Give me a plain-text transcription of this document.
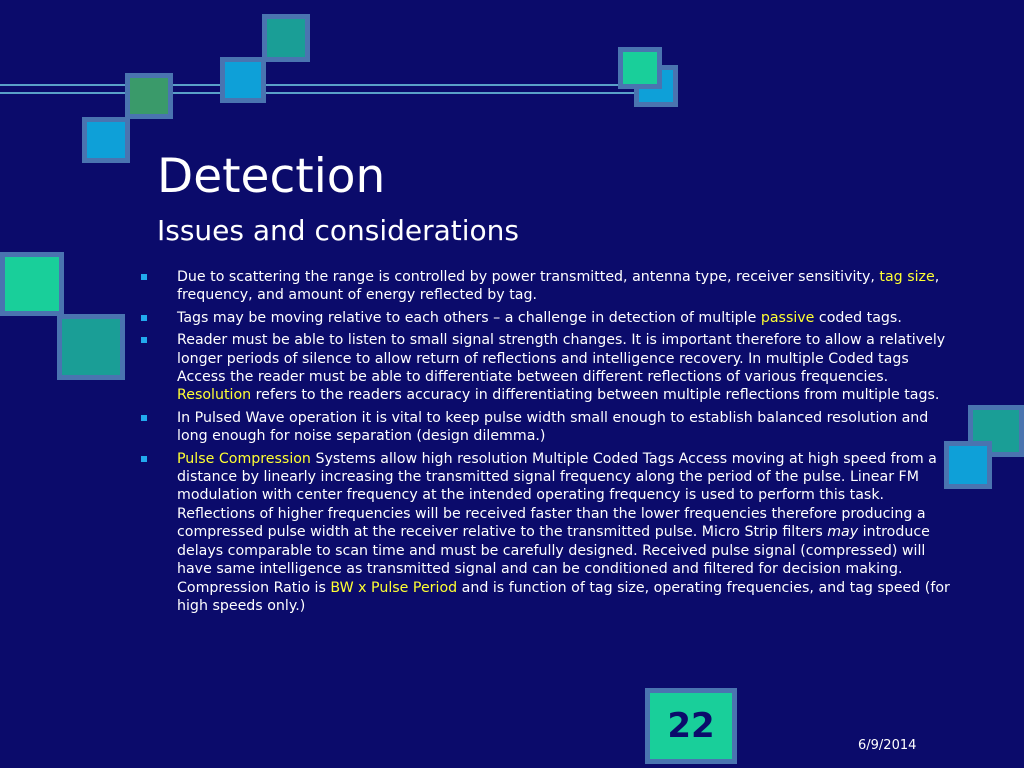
Detection
Issues and considerations
Due to scattering the range is controlled by power transmitted, antenna type, receiver sensitivity, tag size, frequency, and amount of energy reflected by tag.
Tags may be moving relative to each others – a challenge in detection of multiple passive coded tags.
Reader must be able to listen to small signal strength changes. It is important therefore to allow a relatively longer periods of silence to allow return of reflections and intelligence recovery. In multiple Coded tags Access the reader must be able to differentiate between different reflections of various frequencies. Resolution refers to the readers accuracy in differentiating between multiple reflections from multiple tags.
In Pulsed Wave operation it is vital to keep pulse width small enough to establish balanced resolution and long enough for noise separation (design dilemma.)
Pulse Compression Systems allow high resolution Multiple Coded Tags Access moving at high speed from a distance by linearly increasing the transmitted signal frequency along the period of the pulse. Linear FM modulation with center frequency at the intended operating frequency is used to perform this task. Reflections of higher frequencies will be received faster than the lower frequencies therefore producing a compressed pulse width at the receiver relative to the transmitted pulse. Micro Strip filters may introduce delays comparable to scan time and must be carefully designed. Received pulse signal (compressed) will have same intelligence as transmitted signal and can be conditioned and filtered for decision making. Compression Ratio is BW x Pulse Period and is function of tag size, operating frequencies, and tag speed (for high speeds only.)
22	6/9/2014
